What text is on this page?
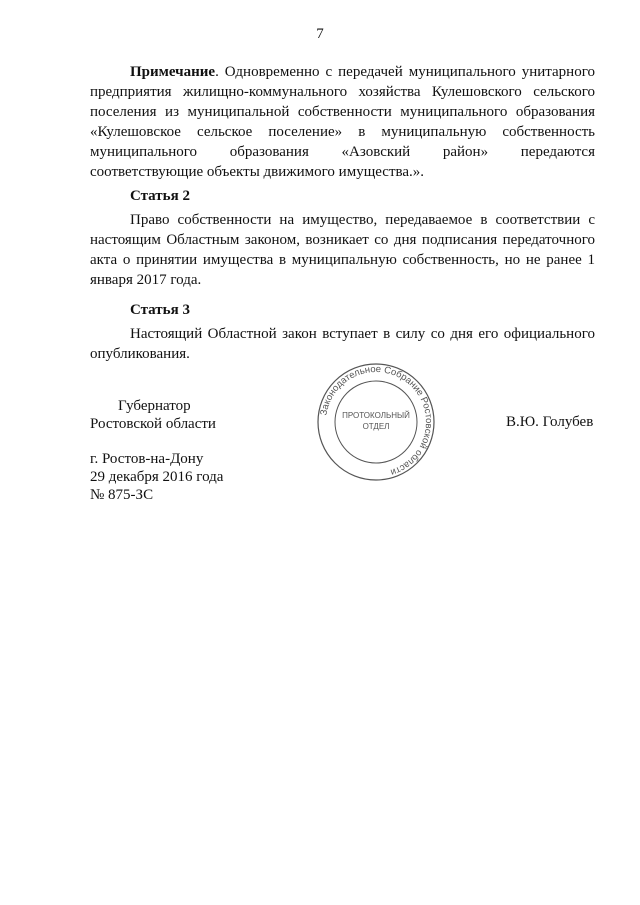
7

Примечание. Одновременно с передачей муниципального унитарного предприятия жилищно-коммунального хозяйства Кулешовского сельского поселения из муниципальной собственности муниципального образования «Кулешовское сельское поселение» в муниципальную собственность муниципального образования «Азовский район» передаются соответствующие объекты движимого имущества.».

Статья 2

Право собственности на имущество, передаваемое в соответствии с настоящим Областным законом, возникает со дня подписания передаточного акта о принятии имущества в муниципальную собственность, но не ранее 1 января 2017 года.

Статья 3

Настоящий Областной закон вступает в силу со дня его официального опубликования.

Губернатор
Ростовской области	В.Ю. Голубев
Законодательное Собрание Ростовской области
ПРОТОКОЛЬНЫЙ
ОТДЕЛ
г. Ростов-на-Дону
29 декабря 2016 года
№ 875-ЗС
